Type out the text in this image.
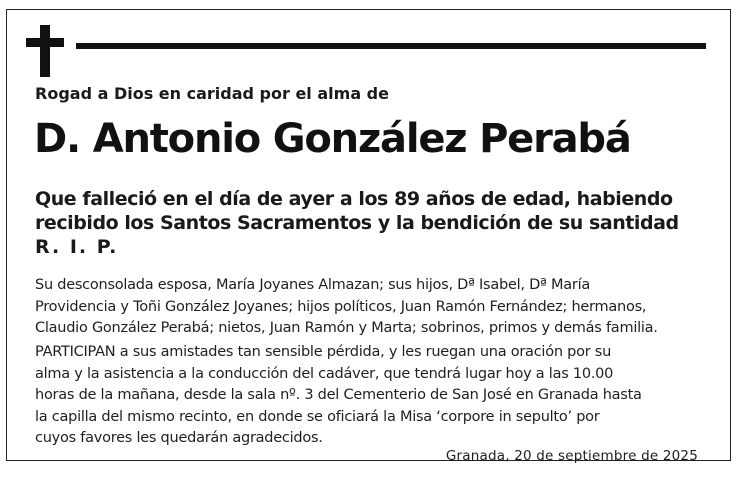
Rogad a Dios en caridad por el alma de
D. Antonio González Perabá
Que falleció en el día de ayer a los 89 años de edad, habiendo
recibido los Santos Sacramentos y la bendición de su santidad
R. I. P.
Su desconsolada esposa, María Joyanes Almazan; sus hijos, Dª Isabel, Dª María
Providencia y Toñi González Joyanes; hijos políticos, Juan Ramón Fernández; hermanos,
Claudio González Perabá; nietos, Juan Ramón y Marta; sobrinos, primos y demás familia.
PARTICIPAN a sus amistades tan sensible pérdida, y les ruegan una oración por su
alma y la asistencia a la conducción del cadáver, que tendrá lugar hoy a las 10.00
horas de la mañana, desde la sala nº. 3 del Cementerio de San José en Granada hasta
la capilla del mismo recinto, en donde se oficiará la Misa ‘corpore in sepulto’ por
cuyos favores les quedarán agradecidos.
Granada, 20 de septiembre de 2025
